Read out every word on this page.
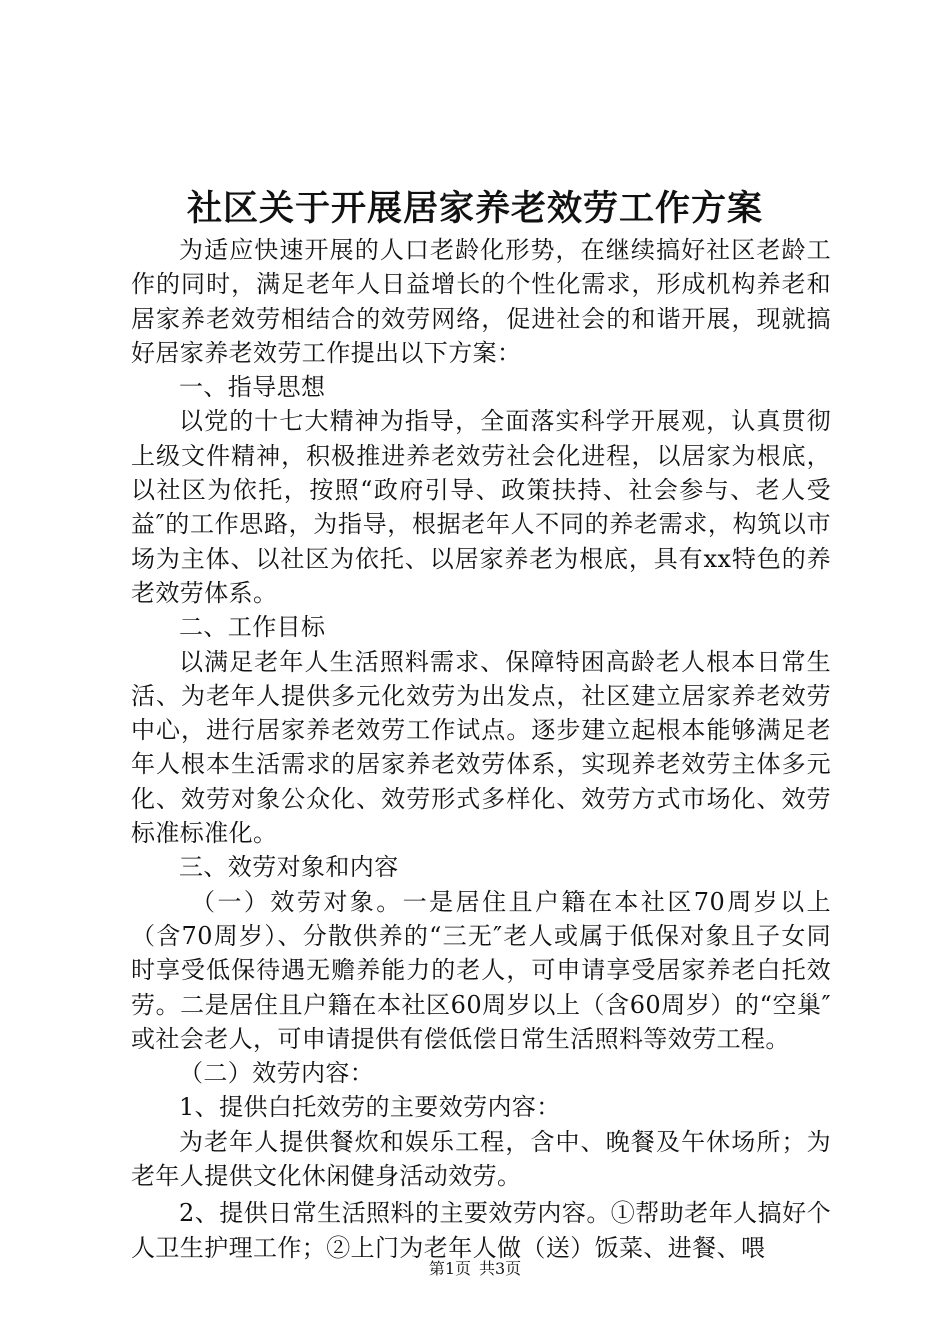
社区关于开展居家养老效劳工作方案

为适应快速开展的人口老龄化形势，在继续搞好社区老龄工作的同时，满足老年人日益增长的个性化需求，形成机构养老和居家养老效劳相结合的效劳网络，促进社会的和谐开展，现就搞好居家养老效劳工作提出以下方案：

一、指导思想

以党的十七大精神为指导，全面落实科学开展观，认真贯彻上级文件精神，积极推进养老效劳社会化进程，以居家为根底，以社区为依托，按照“政府引导、政策扶持、社会参与、老人受益″的工作思路，为指导，根据老年人不同的养老需求，构筑以市场为主体、以社区为依托、以居家养老为根底，具有xx特色的养老效劳体系。

二、工作目标

以满足老年人生活照料需求、保障特困高龄老人根本日常生活、为老年人提供多元化效劳为出发点，社区建立居家养老效劳中心，进行居家养老效劳工作试点。逐步建立起根本能够满足老年人根本生活需求的居家养老效劳体系，实现养老效劳主体多元化、效劳对象公众化、效劳形式多样化、效劳方式市场化、效劳标准标准化。

三、效劳对象和内容

（一）效劳对象。一是居住且户籍在本社区70周岁以上（含70周岁）、分散供养的“三无″老人或属于低保对象且子女同时享受低保待遇无赡养能力的老人，可申请享受居家养老白托效劳。二是居住且户籍在本社区60周岁以上（含60周岁）的“空巢″或社会老人，可申请提供有偿低偿日常生活照料等效劳工程。

（二）效劳内容：

1、提供白托效劳的主要效劳内容：

为老年人提供餐炊和娱乐工程，含中、晚餐及午休场所；为老年人提供文化休闲健身活动效劳。

2、提供日常生活照料的主要效劳内容。①帮助老年人搞好个人卫生护理工作；②上门为老年人做（送）饭菜、进餐、喂

第1页 共3页
